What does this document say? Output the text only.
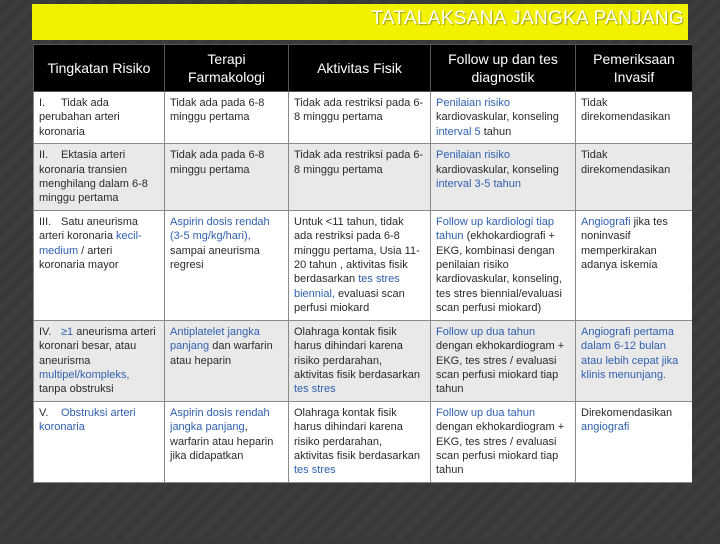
TATALAKSANA JANGKA PANJANG
Tingkatan Risiko	Terapi Farmakologi	Aktivitas Fisik	Follow up dan tes diagnostik	Pemeriksaan Invasif
I. Tidak ada perubahan arteri koronaria	Tidak ada pada 6-8 minggu pertama	Tidak ada restriksi pada 6-8 minggu pertama	Penilaian risiko kardiovaskular, konseling interval 5 tahun	Tidak direkomendasikan
II. Ektasia arteri koronaria transien menghilang dalam 6-8 minggu pertama	Tidak ada pada 6-8 minggu pertama	Tidak ada restriksi pada 6-8 minggu pertama	Penilaian risiko kardiovaskular, konseling interval 3-5 tahun	Tidak direkomendasikan
III. Satu aneurisma arteri koronaria kecil-medium / arteri koronaria mayor	Aspirin dosis rendah (3-5 mg/kg/hari), sampai aneurisma regresi	Untuk <11 tahun, tidak ada restriksi pada 6-8 minggu pertama, Usia 11-20 tahun , aktivitas fisik berdasarkan tes stres biennial, evaluasi scan perfusi miokard	Follow up kardiologi tiap tahun (ekhokardiografi + EKG, kombinasi dengan penilaian risiko kardiovaskular, konseling, tes stres biennial/evaluasi scan perfusi miokard)	Angiografi jika tes noninvasif memperkirakan adanya iskemia
IV. ≥1 aneurisma arteri koronari besar, atau aneurisma multipel/kompleks, tanpa obstruksi	Antiplatelet jangka panjang dan warfarin atau heparin	Olahraga kontak fisik harus dihindari karena risiko perdarahan, aktivitas fisik berdasarkan tes stres	Follow up dua tahun dengan ekhokardiogram + EKG, tes stres / evaluasi scan perfusi miokard tiap tahun	Angiografi pertama dalam 6-12 bulan atau lebih cepat jika klinis menunjang.
V. Obstruksi arteri koronaria	Aspirin dosis rendah jangka panjang, warfarin atau heparin jika didapatkan	Olahraga kontak fisik harus dihindari karena risiko perdarahan, aktivitas fisik berdasarkan tes stres	Follow up dua tahun dengan ekhokardiogram + EKG, tes stres / evaluasi scan perfusi miokard tiap tahun	Direkomendasikan angiografi
